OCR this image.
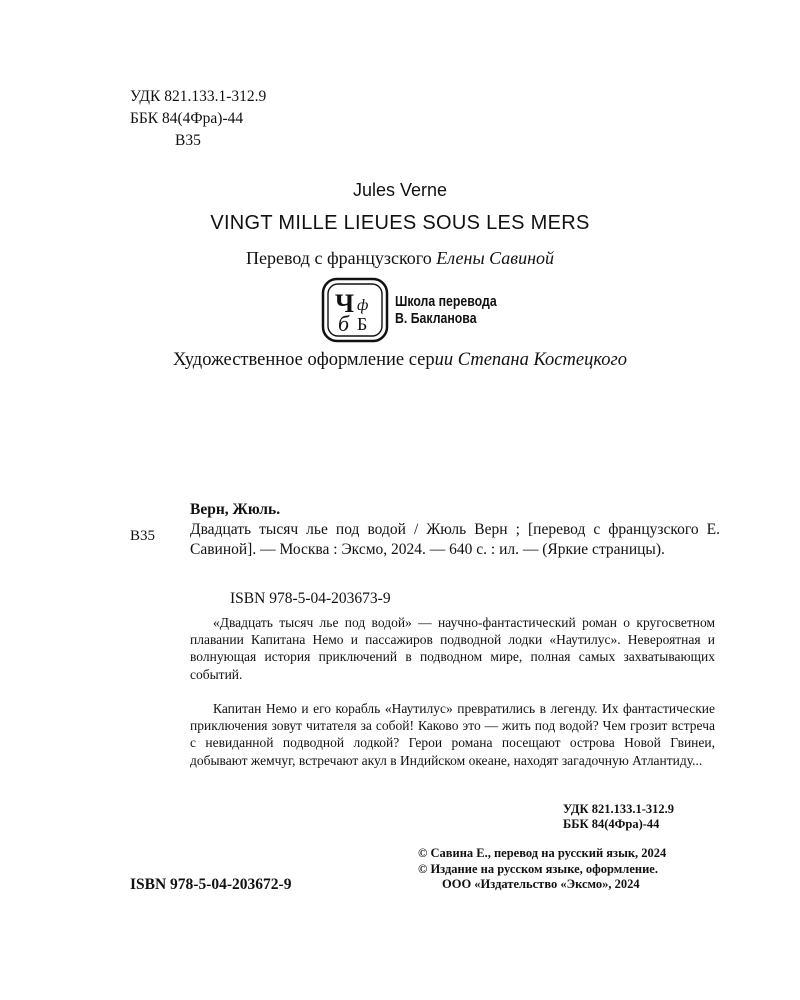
УДК 821.133.1-312.9
ББК 84(4Фра)-44
В35
Jules Verne
VINGT MILLE LIEUES SOUS LES MERS
Перевод с французского Елены Савиной
Ч ф
б Б
Школа перевода
В. Бакланова
Художественное оформление серии Степана Костецкого
Верн, Жюль.
В35 Двадцать тысяч лье под водой / Жюль Верн ; [перевод с французского Е. Савиной]. — Москва : Эксмо, 2024. — 640 с. : ил. — (Яркие страницы).
ISBN 978-5-04-203673-9

«Двадцать тысяч лье под водой» — научно-фантастический роман о кругосветном плавании Капитана Немо и пассажиров подводной лодки «Наутилус». Невероятная и волнующая история приключений в подводном мире, полная самых захватывающих событий.

Капитан Немо и его корабль «Наутилус» превратились в легенду. Их фантастические приключения зовут читателя за собой! Каково это — жить под водой? Чем грозит встреча с невиданной подводной лодкой? Герои романа посещают острова Новой Гвинеи, добывают жемчуг, встречают акул в Индийском океане, находят загадочную Атлантиду...

УДК 821.133.1-312.9
ББК 84(4Фра)-44
© Савина Е., перевод на русский язык, 2024
© Издание на русском языке, оформление.
ООО «Издательство «Эксмо», 2024
ISBN 978-5-04-203672-9
